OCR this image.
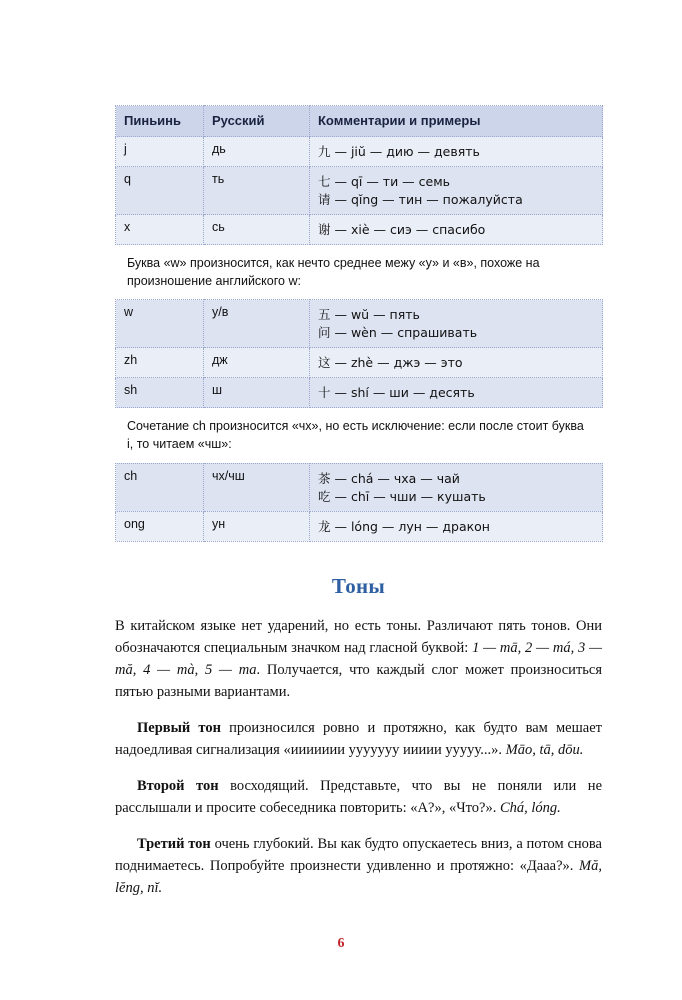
Пиньинь	Русский	Комментарии и примеры
j	дь	九 — jiŭ — дию — девять

q	ть	七 — qī — ти — семь
请 — qĭng — тин — пожалуйста

x	сь	谢 — xiè — сиэ — спасибо
Буква «w» произносится, как нечто среднее межу «у» и «в», похоже на произношение английского w:
w	у/в	五 — wŭ — пять
问 — wèn — спрашивать

zh	дж	这 — zhè — джэ — это

sh	ш	十 — shí — ши — десять
Сочетание ch произносится «чх», но есть исключение: если после стоит буква i, то читаем «чш»:
ch	чх/чш	茶 — chá — чха — чай
吃 — chī — чши — кушать

ong	ун	龙 — lóng — лун — дракон
Тоны

В китайском языке нет ударений, но есть тоны. Различают пять тонов. Они обозначаются специальным значком над гласной буквой: 1 — mā, 2 — má, 3 — mă, 4 — mà, 5 — ma. Получается, что каждый слог может произноситься пятью разными вариантами.

Первый тон произносился ровно и протяжно, как будто вам мешает надоедливая сигнализация «иииииии ууууууу иииии ууууу...». Māo, tā, dōu.

Второй тон восходящий. Представьте, что вы не поняли или не расслышали и просите собеседника повторить: «А?», «Что?». Chá, lóng.

Третий тон очень глубокий. Вы как будто опускаетесь вниз, а потом снова поднимаетесь. Попробуйте произнести удивленно и протяжно: «Дааа?». Mă, lĕng, nĭ.

6
